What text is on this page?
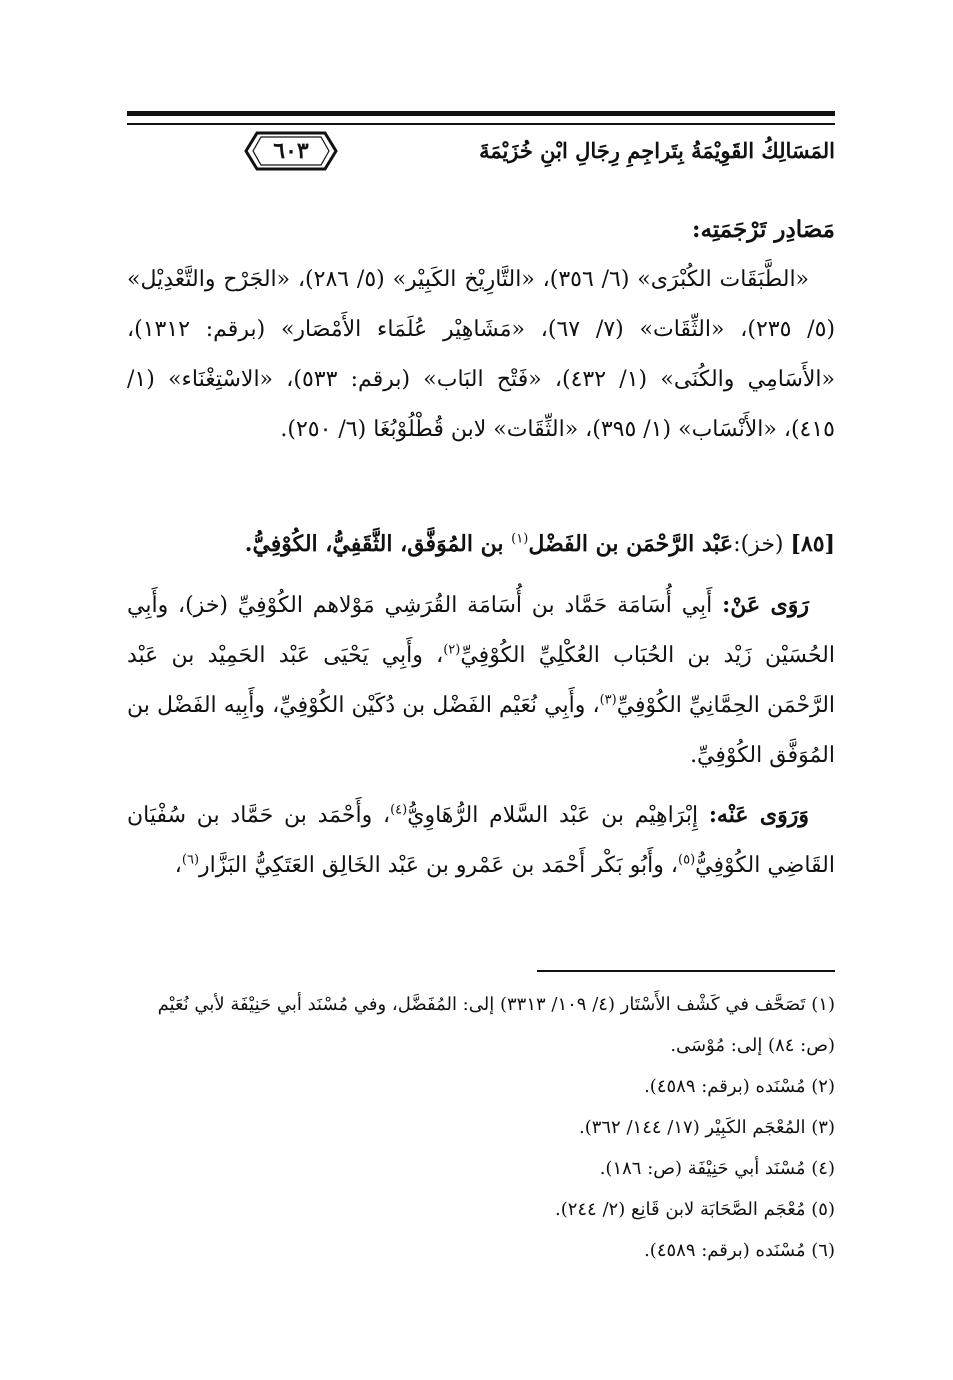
٦٠٣	المَسَالِكُ القَوِيْمَةُ بِتَراجِمِ رِجَالِ ابْنِ خُزَيْمَةَ
مَصَادِر تَرْجَمَتِه:
«الطَّبَقَات الكُبْرَى» (٦/ ٣٥٦)، «التَّارِيْخ الكَبِيْر» (٥/ ٢٨٦)، «الجَرْح والتَّعْدِيْل» (٥/ ٢٣٥)، «الثِّقَات» (٧/ ٦٧)، «مَشَاهِيْر عُلَمَاء الأَمْصَار» (برقم: ١٣١٢)، «الأَسَامِي والكُنَى» (١/ ٤٣٢)، «فَتْح البَاب» (برقم: ٥٣٣)، «الاسْتِغْنَاء» (١/ ٤١٥)، «الأَنْسَاب» (١/ ٣٩٥)، «الثِّقَات» لابن قُطْلُوْبُغَا (٦/ ٢٥٠).
[٨٥] (خز):عَبْد الرَّحْمَن بن الفَضْل$^{(١)}$ بن المُوَفَّق، الثَّقَفِيُّ، الكُوْفِيُّ.
رَوَى عَنْ: أَبِي أُسَامَة حَمَّاد بن أُسَامَة القُرَشِي مَوْلاهم الكُوْفِيِّ (خز)، وأَبِي الحُسَيْن زَيْد بن الحُبَاب العُكْلِيِّ الكُوْفِيِّ$^{(٢)}$، وأَبِي يَحْيَى عَبْد الحَمِيْد بن عَبْد الرَّحْمَن الحِمَّانِيِّ الكُوْفِيِّ$^{(٣)}$، وأَبِي نُعَيْم الفَضْل بن دُكَيْن الكُوْفِيِّ، وأَبِيه الفَضْل بن المُوَفَّق الكُوْفِيِّ.
وَرَوَى عَنْه: إِبْرَاهِيْم بن عَبْد السَّلام الرُّهَاوِيُّ$^{(٤)}$، وأَحْمَد بن حَمَّاد بن سُفْيَان القَاضِي الكُوْفِيُّ$^{(٥)}$، وأَبُو بَكْر أَحْمَد بن عَمْرو بن عَبْد الخَالِق العَتَكِيُّ البَزَّار$^{(٦)}$،
(١) تَصَحَّف في كَشْف الأَسْتَار (٤/ ١٠٩/ ٣٣١٣) إلى: المُفَضَّل، وفي مُسْنَد أبي حَنِيْفَة لأبي نُعَيْم
(ص: ٨٤) إلى: مُوْسَى.
(٢) مُسْنَده (برقم: ٤٥٨٩).
(٣) المُعْجَم الكَبِيْر (١٧/ ١٤٤/ ٣٦٢).
(٤) مُسْنَد أبي حَنِيْفَة (ص: ١٨٦).
(٥) مُعْجَم الصَّحَابَة لابن قَانِع (٢/ ٢٤٤).
(٦) مُسْنَده (برقم: ٤٥٨٩).
